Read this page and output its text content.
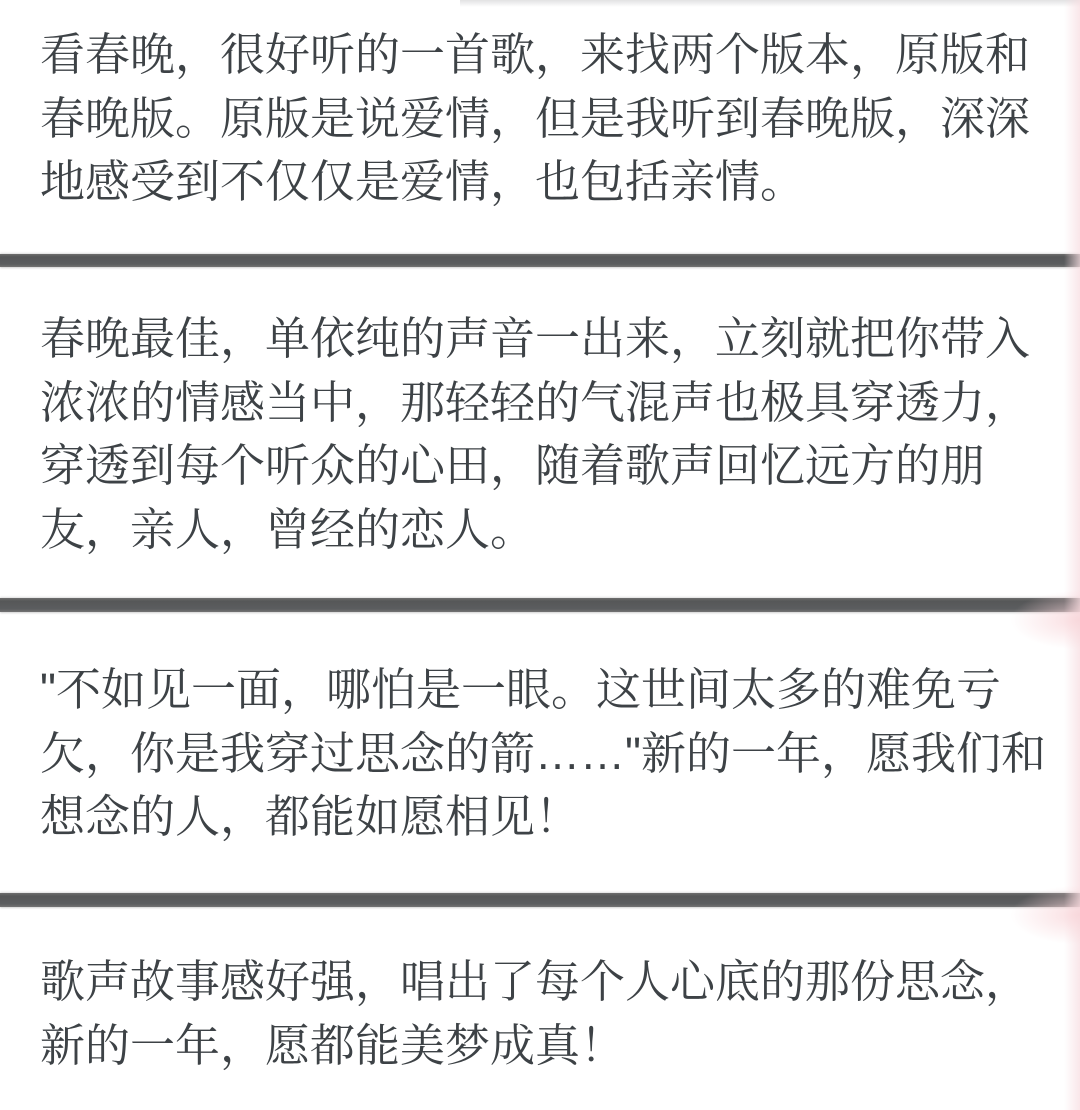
看春晚，很好听的一首歌，来找两个版本，原版和

春晚版。原版是说爱情，但是我听到春晚版，深深

地感受到不仅仅是爱情，也包括亲情。

春晚最佳，单依纯的声音一出来，立刻就把你带入

浓浓的情感当中，那轻轻的气混声也极具穿透力，

穿透到每个听众的心田，随着歌声回忆远方的朋

友，亲人，曾经的恋人。

"不如见一面，哪怕是一眼。这世间太多的难免亏

欠，你是我穿过思念的箭……"新的一年，愿我们和

想念的人，都能如愿相见！

歌声故事感好强，唱出了每个人心底的那份思念，

新的一年，愿都能美梦成真！
